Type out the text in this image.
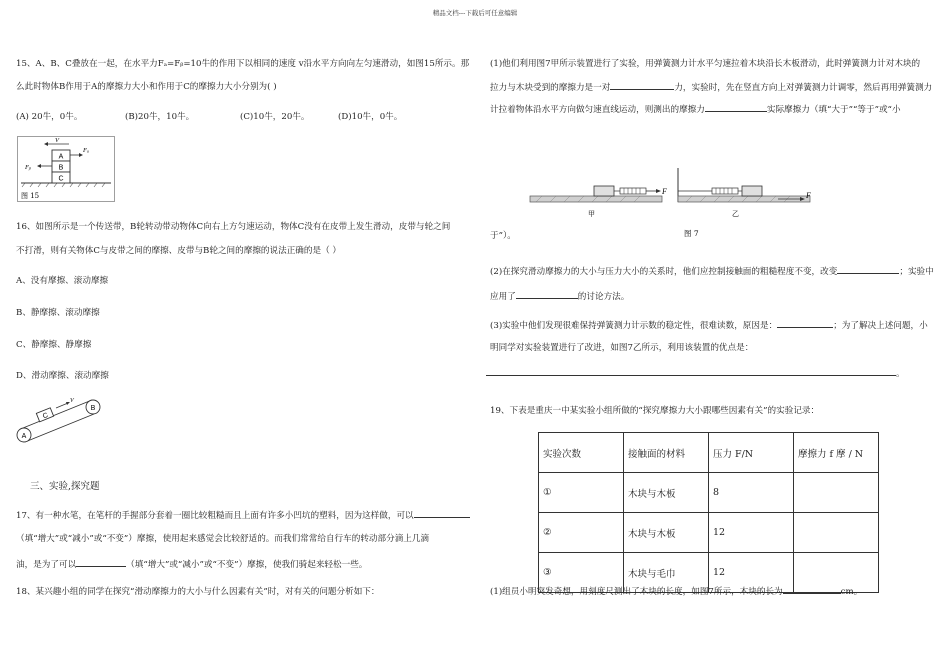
精品文档---下载后可任意编辑
15、A、B、C叠放在一起，在水平力Fₐ=Fᵦ=10牛的作用下以相同的速度 v沿水平方向向左匀速滑动，如图15所示。那
么此时物体B作用于A的摩擦力大小和作用于C的摩擦力大小分别为( )
(A) 20牛，0牛。	(B)20牛，10牛。	(C)10牛，20牛。	(D)10牛，0牛。
A
B
C
V
Fₐ
Fᵦ
图 15
16、如图所示是一个传送带，B轮转动带动物体C向右上方匀速运动，物体C没有在皮带上发生滑动，皮带与轮之间
不打滑，则有关物体C与皮带之间的摩擦、皮带与B轮之间的摩擦的说法正确的是（ ）
A、没有摩擦、滚动摩擦
B、静摩擦、滚动摩擦
C、静摩擦、静摩擦
D、滑动摩擦、滚动摩擦
A
B
C
V
三、实验,探究题
17、有一种水笔，在笔杆的手握部分套着一圈比较粗糙而且上面有许多小凹坑的塑料，因为这样做，可以
（填“增大”或“减小”或“不变”）摩擦，使用起来感觉会比较舒适的。而我们常常给自行车的转动部分滴上几滴
油，是为了可以	（填“增大”或“减小”或“不变”）摩擦，使我们骑起来轻松一些。
18、某兴趣小组的同学在探究“滑动摩擦力的大小与什么因素有关”时，对有关的问题分析如下：
(1)他们利用图7甲所示装置进行了实验，用弹簧测力计水平匀速拉着木块沿长木板滑动，此时弹簧测力计对木块的
拉力与木块受到的摩擦力是一对	力，实验时，先在竖直方向上对弹簧测力计调零，然后再用弹簧测力
计拉着物体沿水平方向做匀速直线运动，则测出的摩擦力	实际摩擦力（填“大于”“等于”或“小
F
甲
F
乙
图 7
于”）。
(2)在探究滑动摩擦力的大小与压力大小的关系时，他们应控制接触面的粗糙程度不变，改变	；实验中
应用了	的讨论方法。
(3)实验中他们发现很难保持弹簧测力计示数的稳定性，很难读数，原因是：	；为了解决上述问题，小
明同学对实验装置进行了改进，如图7乙所示，利用该装置的优点是：
。
19、下表是重庆一中某实验小组所做的“探究摩擦力大小跟哪些因素有关”的实验记录：
实验次数	接触面的材料	压力 F/N	摩擦力 f 摩 / N
①	木块与木板	8	
②	木块与木板	12	
③	木块与毛巾	12	
(1)组员小明突发奇想，用刻度尺测出了木块的长度，如图7所示，木块的长为	cm。
